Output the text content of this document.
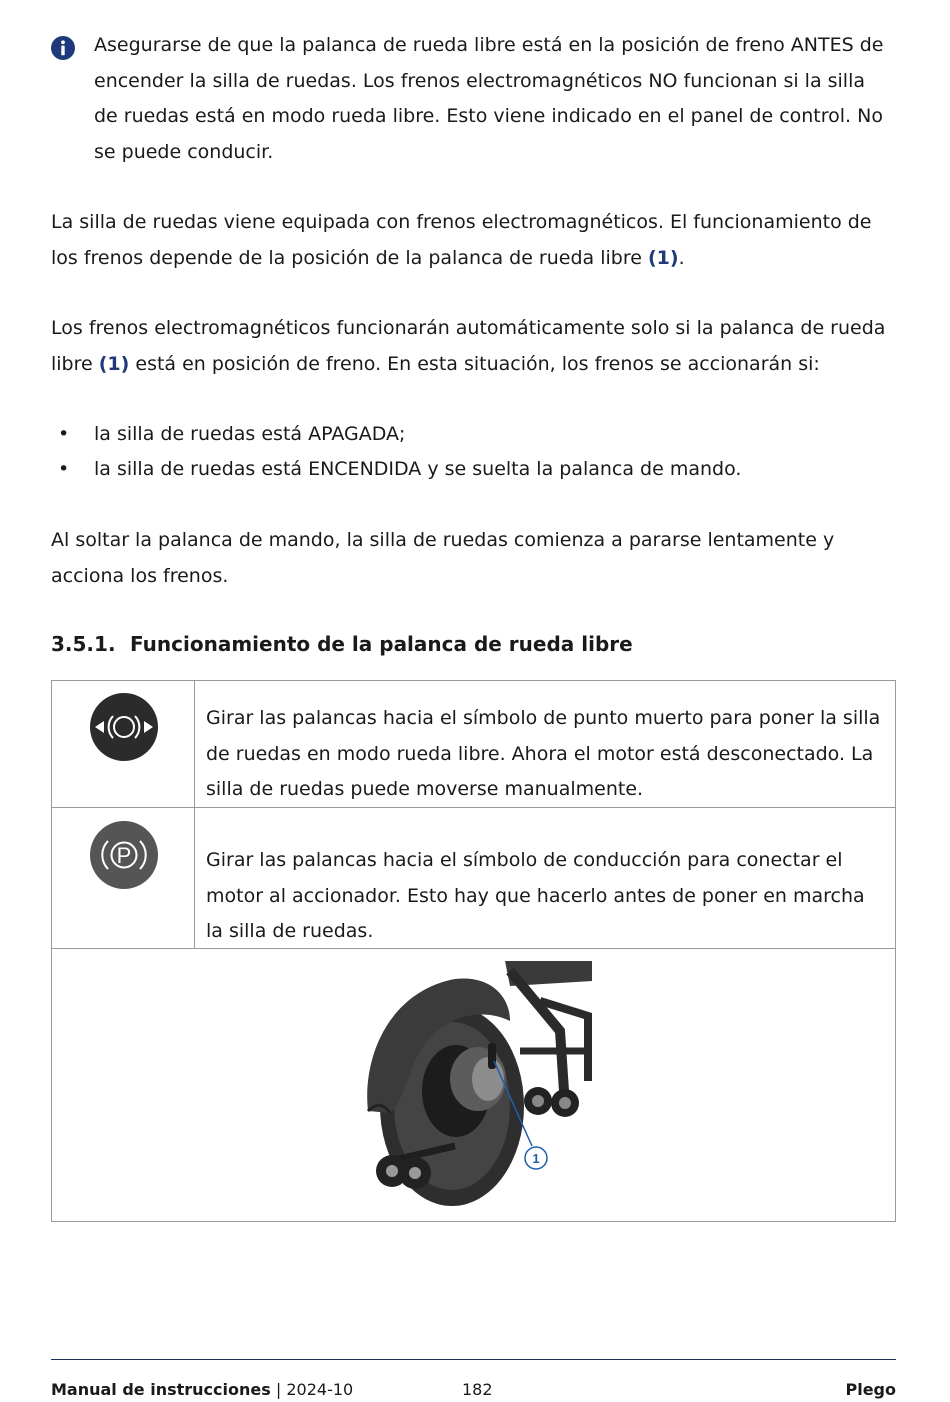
Asegurarse de que la palanca de rueda libre está en la posición de freno ANTES de encender la silla de ruedas. Los frenos electromagnéticos NO funcionan si la silla de ruedas está en modo rueda libre. Esto viene indicado en el panel de control. No se puede conducir.
La silla de ruedas viene equipada con frenos electromagnéticos. El funcionamiento de los frenos depende de la posición de la palanca de rueda libre (1).
Los frenos electromagnéticos funcionarán automáticamente solo si la palanca de rueda libre (1) está en posición de freno. En esta situación, los frenos se accionarán si:
• la silla de ruedas está APAGADA;
• la silla de ruedas está ENCENDIDA y se suelta la palanca de mando.
Al soltar la palanca de mando, la silla de ruedas comienza a pararse lentamente y acciona los frenos.
3.5.1. Funcionamiento de la palanca de rueda libre
Girar las palancas hacia el símbolo de punto muerto para poner la silla de ruedas en modo rueda libre. Ahora el motor está desconectado. La silla de ruedas puede moverse manualmente.
P	Girar las palancas hacia el símbolo de conducción para conectar el motor al accionador. Esto hay que hacerlo antes de poner en marcha la silla de ruedas.
1
Manual de instrucciones | 2024-10	182	Plego
